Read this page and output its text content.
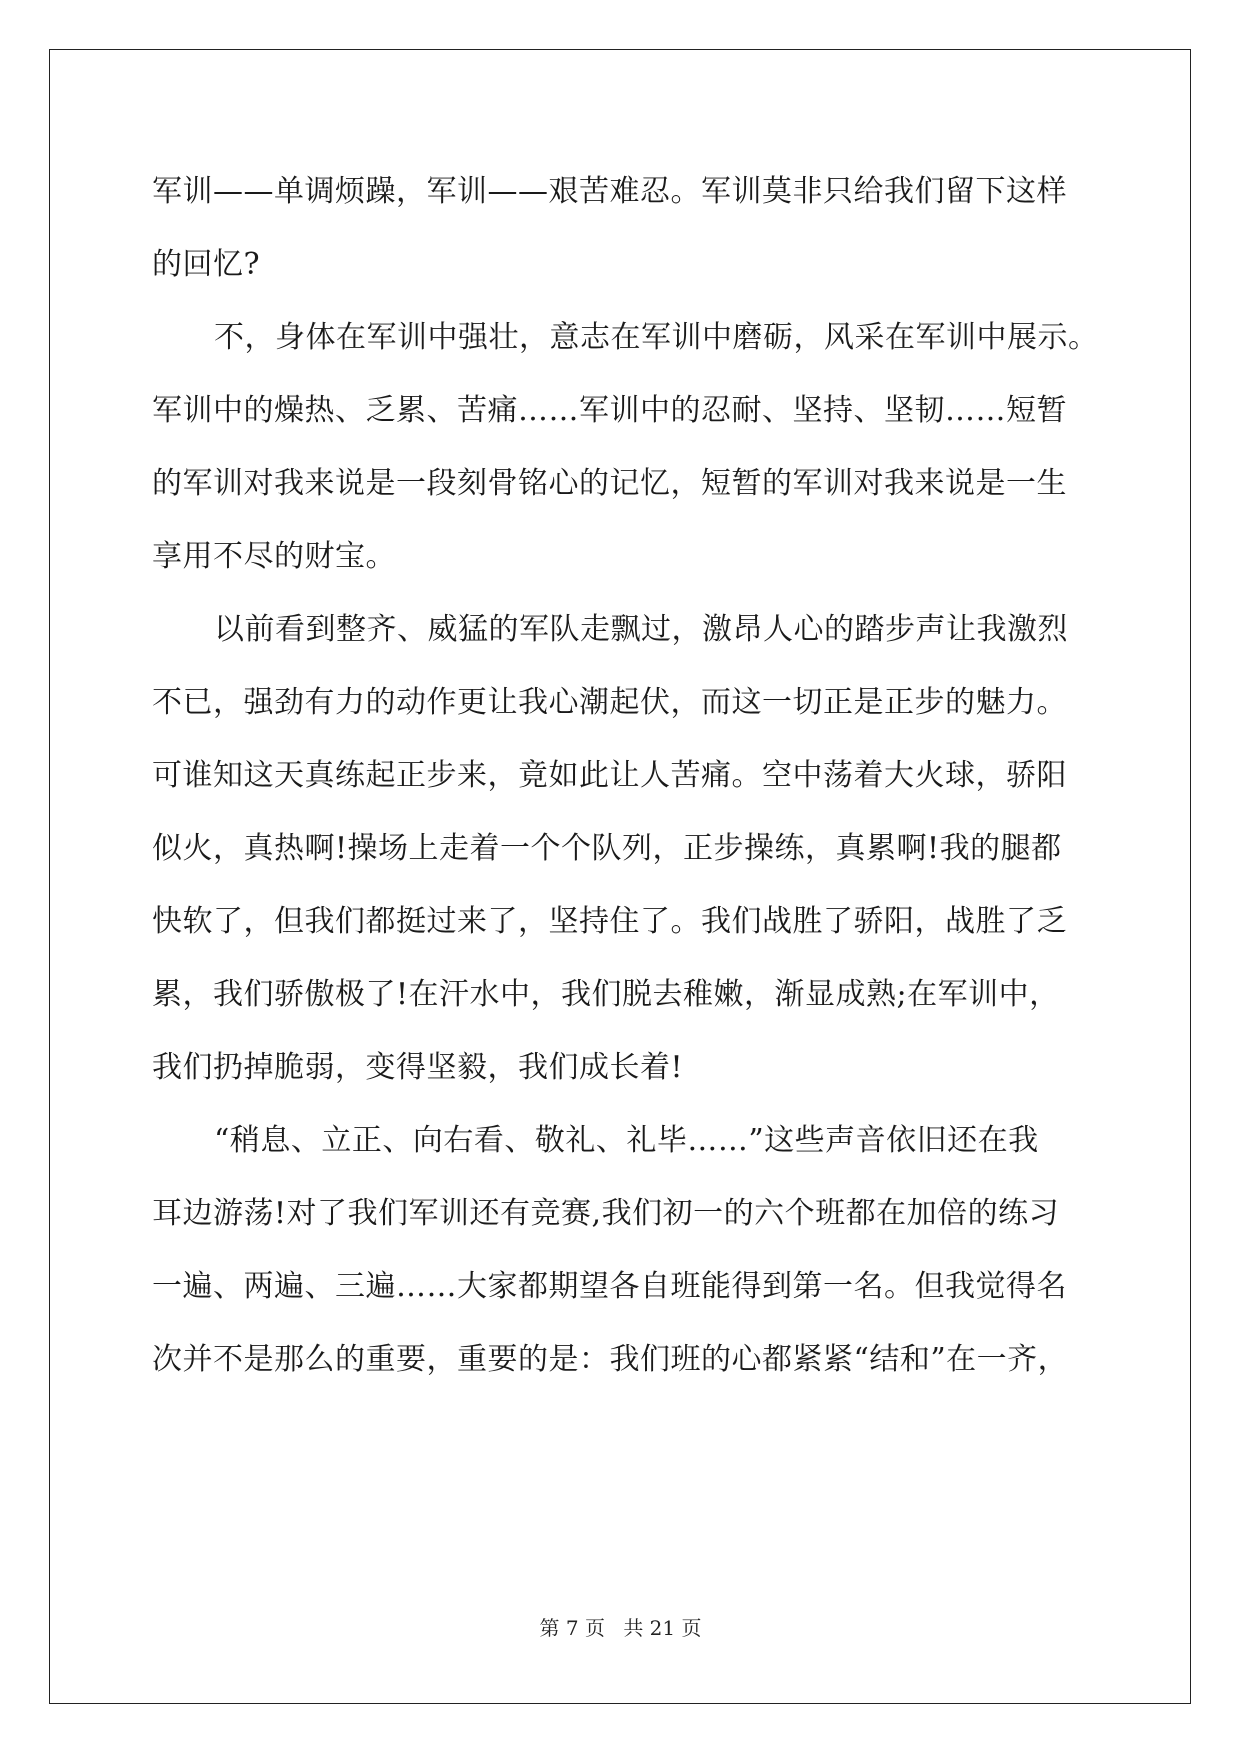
军训——单调烦躁，军训——艰苦难忍。军训莫非只给我们留下这样
的回忆?
不，身体在军训中强壮，意志在军训中磨砺，风采在军训中展示。
军训中的燥热、乏累、苦痛……军训中的忍耐、坚持、坚韧……短暂
的军训对我来说是一段刻骨铭心的记忆，短暂的军训对我来说是一生
享用不尽的财宝。
以前看到整齐、威猛的军队走飘过，激昂人心的踏步声让我激烈
不已，强劲有力的动作更让我心潮起伏，而这一切正是正步的魅力。
可谁知这天真练起正步来，竟如此让人苦痛。空中荡着大火球，骄阳
似火，真热啊!操场上走着一个个队列，正步操练，真累啊!我的腿都
快软了，但我们都挺过来了，坚持住了。我们战胜了骄阳，战胜了乏
累，我们骄傲极了!在汗水中，我们脱去稚嫩，渐显成熟;在军训中，
我们扔掉脆弱，变得坚毅，我们成长着!
“稍息、立正、向右看、敬礼、礼毕……”这些声音依旧还在我
耳边游荡!对了我们军训还有竞赛,我们初一的六个班都在加倍的练习
一遍、两遍、三遍……大家都期望各自班能得到第一名。但我觉得名
次并不是那么的重要，重要的是：我们班的心都紧紧“结和”在一齐，
第 7 页 共 21 页
